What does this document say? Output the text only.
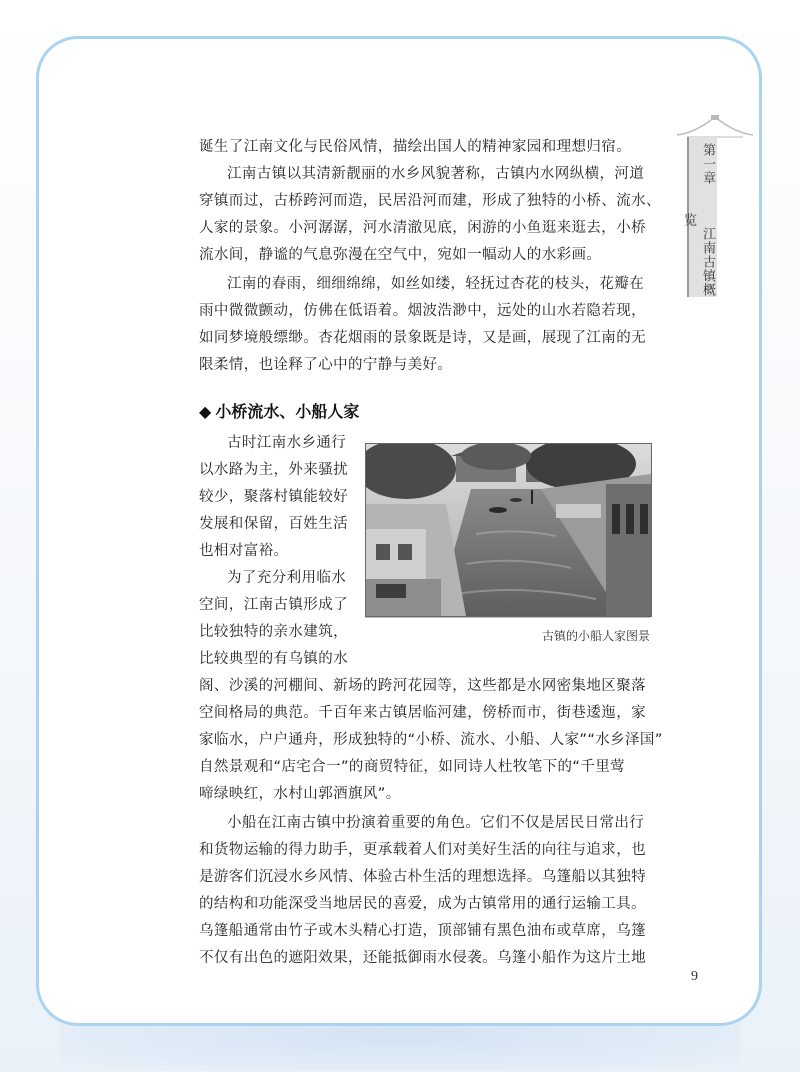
第一章  江南古镇概览
诞生了江南文化与民俗风情，描绘出国人的精神家园和理想归宿。
江南古镇以其清新靓丽的水乡风貌著称，古镇内水网纵横，河道
穿镇而过，古桥跨河而造，民居沿河而建，形成了独特的小桥、流水、
人家的景象。小河潺潺，河水清澈见底，闲游的小鱼逛来逛去，小桥
流水间，静谧的气息弥漫在空气中，宛如一幅动人的水彩画。
江南的春雨，细细绵绵，如丝如缕，轻抚过杏花的枝头，花瓣在
雨中微微颤动，仿佛在低语着。烟波浩渺中，远处的山水若隐若现，
如同梦境般缥缈。杏花烟雨的景象既是诗，又是画，展现了江南的无
限柔情，也诠释了心中的宁静与美好。
◆ 小桥流水、小船人家
古时江南水乡通行
以水路为主，外来骚扰
较少，聚落村镇能较好
发展和保留，百姓生活
也相对富裕。
为了充分利用临水
空间，江南古镇形成了
比较独特的亲水建筑，
比较典型的有乌镇的水
古镇的小船人家图景
阁、沙溪的河棚间、新场的跨河花园等，这些都是水网密集地区聚落
空间格局的典范。千百年来古镇居临河建，傍桥而市，街巷逶迤，家
家临水，户户通舟，形成独特的“小桥、流水、小船、人家”“水乡泽国”
自然景观和“店宅合一”的商贸特征，如同诗人杜牧笔下的“千里莺
啼绿映红，水村山郭酒旗风”。
小船在江南古镇中扮演着重要的角色。它们不仅是居民日常出行
和货物运输的得力助手，更承载着人们对美好生活的向往与追求，也
是游客们沉浸水乡风情、体验古朴生活的理想选择。乌篷船以其独特
的结构和功能深受当地居民的喜爱，成为古镇常用的通行运输工具。
乌篷船通常由竹子或木头精心打造，顶部铺有黑色油布或草席，乌篷
不仅有出色的遮阳效果，还能抵御雨水侵袭。乌篷小船作为这片土地
9
